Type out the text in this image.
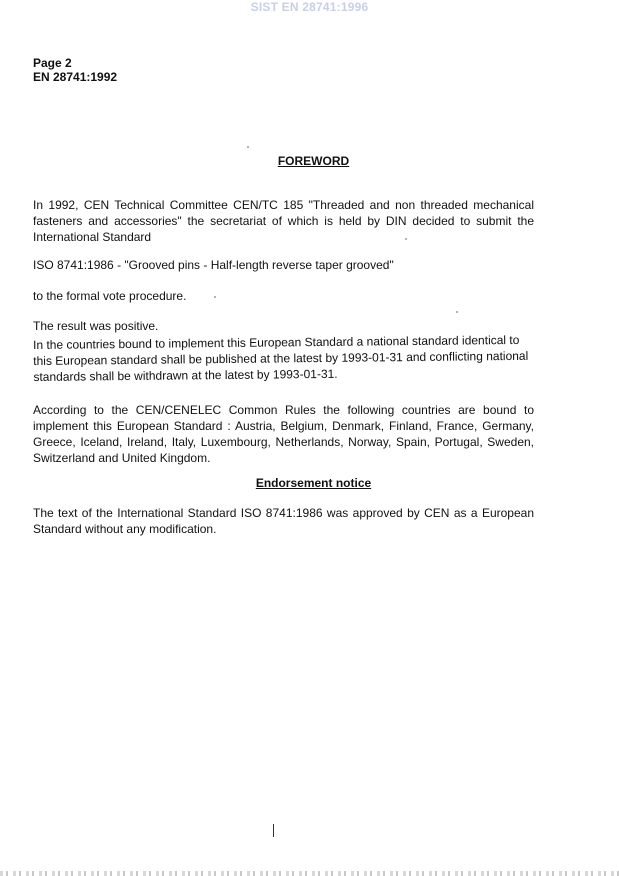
SIST EN 28741:1996
Page 2
EN 28741:1992
FOREWORD
In 1992, CEN Technical Committee CEN/TC 185 "Threaded and non threaded mechanical fasteners and accessories" the secretariat of which is held by DIN decided to submit the International Standard
ISO 8741:1986 - "Grooved pins - Half-length reverse taper grooved"
to the formal vote procedure.
The result was positive.
In the countries bound to implement this European Standard a national standard identical to this European standard shall be published at the latest by 1993-01-31 and conflicting national standards shall be withdrawn at the latest by 1993-01-31.
According to the CEN/CENELEC Common Rules the following countries are bound to implement this European Standard : Austria, Belgium, Denmark, Finland, France, Germany, Greece, Iceland, Ireland, Italy, Luxembourg, Netherlands, Norway, Spain, Portugal, Sweden, Switzerland and United Kingdom.
Endorsement notice
The text of the International Standard ISO 8741:1986 was approved by CEN as a European Standard without any modification.
